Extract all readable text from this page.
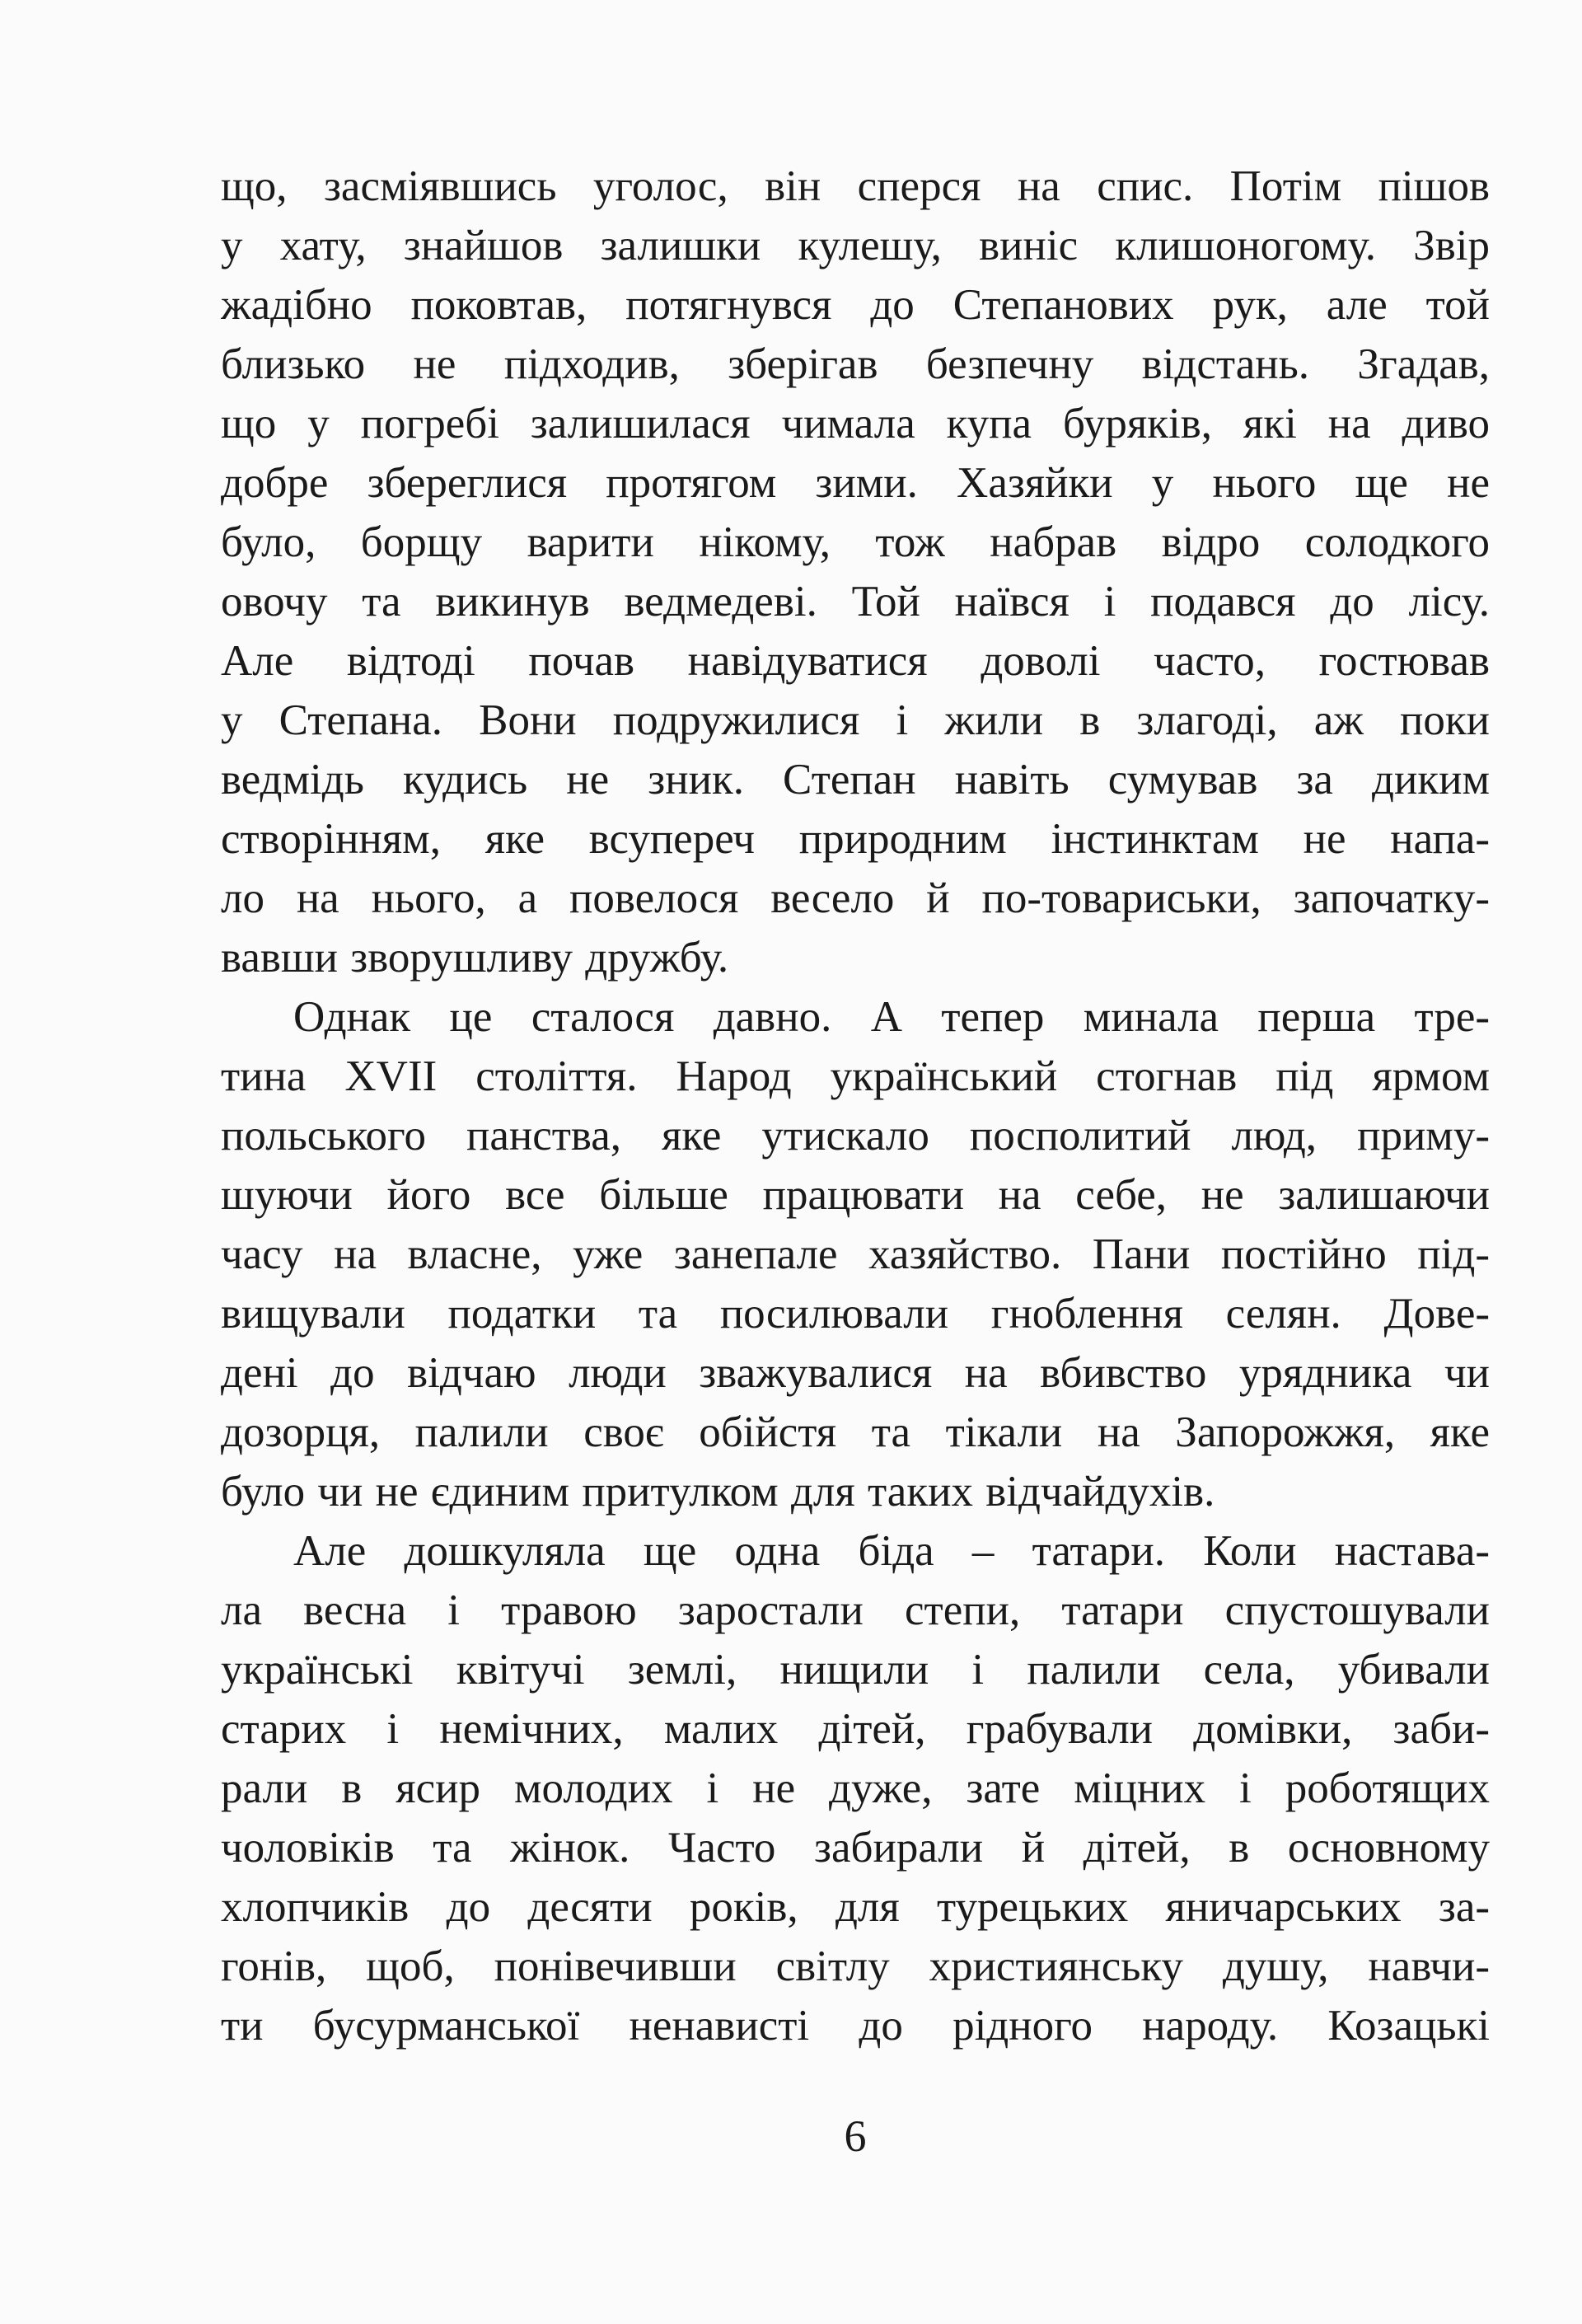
що, засміявшись уголос, він сперся на спис. Потім пішов
у хату, знайшов залишки кулешу, виніс клишоногому. Звір
жадібно поковтав, потягнувся до Степанових рук, але той
близько не підходив, зберігав безпечну відстань. Згадав,
що у погребі залишилася чимала купа буряків, які на диво
добре збереглися протягом зими. Хазяйки у нього ще не
було, борщу варити нікому, тож набрав відро солодкого
овочу та викинув ведмедеві. Той наївся і подався до лісу.
Але відтоді почав навідуватися доволі часто, гостював
у Степана. Вони подружилися і жили в злагоді, аж поки
ведмідь кудись не зник. Степан навіть сумував за диким
створінням, яке всупереч природним інстинктам не напа-
ло на нього, а повелося весело й по-товариськи, започатку-
вавши зворушливу дружбу.
Однак це сталося давно. А тепер минала перша тре-
тина XVII століття. Народ український стогнав під ярмом
польського панства, яке утискало посполитий люд, приму-
шуючи його все більше працювати на себе, не залишаючи
часу на власне, уже занепале хазяйство. Пани постійно під-
вищували податки та посилювали гноблення селян. Дове-
дені до відчаю люди зважувалися на вбивство урядника чи
дозорця, палили своє обійстя та тікали на Запорожжя, яке
було чи не єдиним притулком для таких відчайдухів.
Але дошкуляла ще одна біда – татари. Коли настава-
ла весна і травою заростали степи, татари спустошували
українські квітучі землі, нищили і палили села, убивали
старих і немічних, малих дітей, грабували домівки, заби-
рали в ясир молодих і не дуже, зате міцних і роботящих
чоловіків та жінок. Часто забирали й дітей, в основному
хлопчиків до десяти років, для турецьких яничарських за-
гонів, щоб, понівечивши світлу християнську душу, навчи-
ти бусурманської ненависті до рідного народу. Козацькі
6
